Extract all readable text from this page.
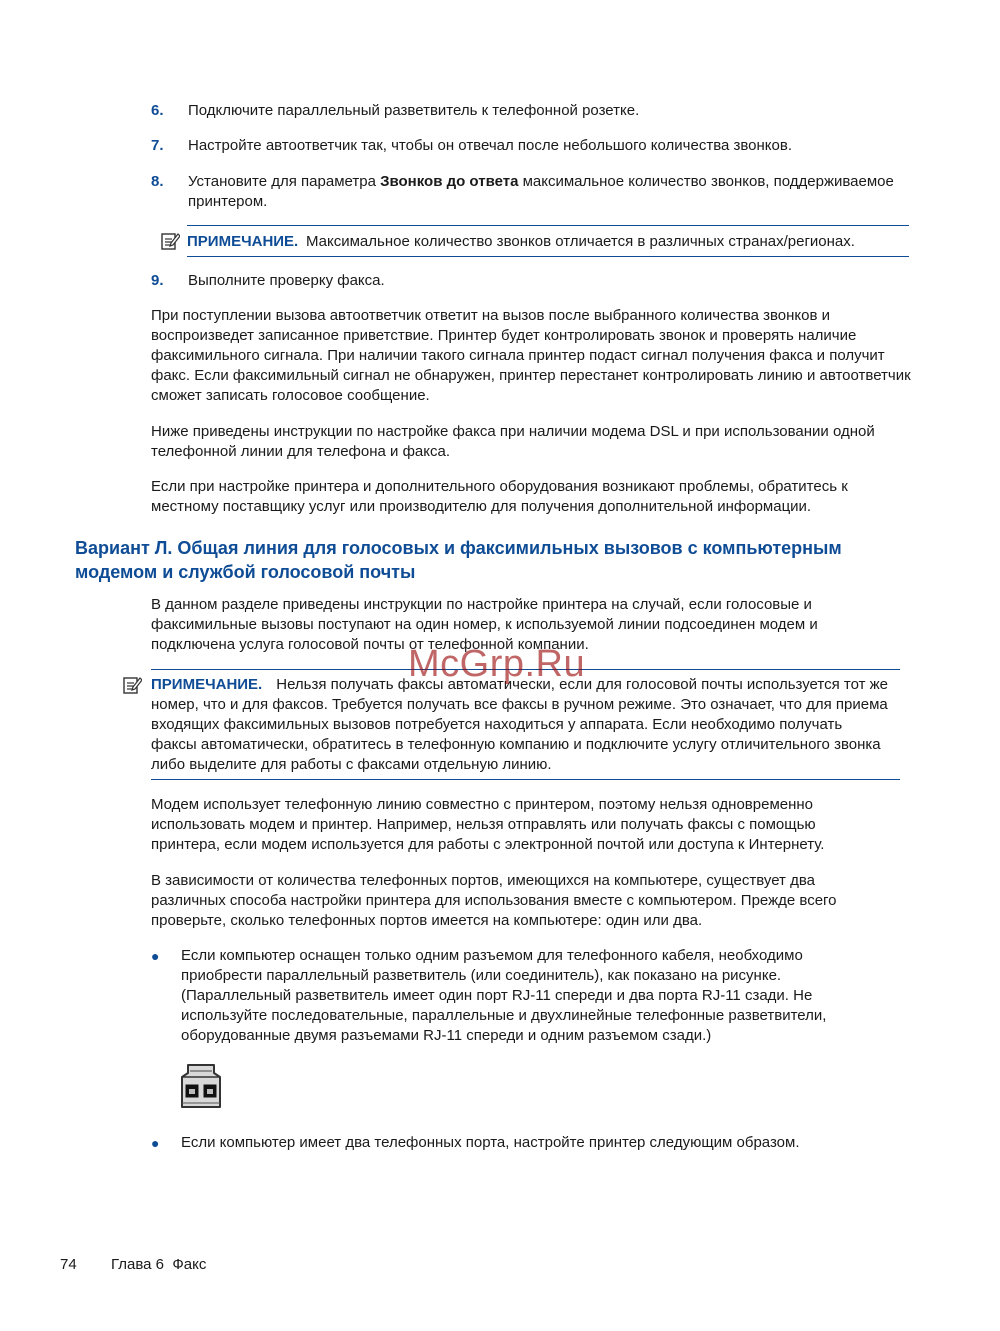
6. Подключите параллельный разветвитель к телефонной розетке.
7. Настройте автоответчик так, чтобы он отвечал после небольшого количества звонков.
8. Установите для параметра Звонков до ответа максимальное количество звонков, поддерживаемое принтером.
ПРИМЕЧАНИЕ. Максимальное количество звонков отличается в различных странах/регионах.
9. Выполните проверку факса.

При поступлении вызова автоответчик ответит на вызов после выбранного количества звонков и воспроизведет записанное приветствие. Принтер будет контролировать звонок и проверять наличие факсимильного сигнала. При наличии такого сигнала принтер подаст сигнал получения факса и получит факс. Если факсимильный сигнал не обнаружен, принтер перестанет контролировать линию и автоответчик сможет записать голосовое сообщение.

Ниже приведены инструкции по настройке факса при наличии модема DSL и при использовании одной телефонной линии для телефона и факса.

Если при настройке принтера и дополнительного оборудования возникают проблемы, обратитесь к местному поставщику услуг или производителю для получения дополнительной информации.

Вариант Л. Общая линия для голосовых и факсимильных вызовов с компьютерным модемом и службой голосовой почты

В данном разделе приведены инструкции по настройке принтера на случай, если голосовые и факсимильные вызовы поступают на один номер, к используемой линии подсоединен модем и подключена услуга голосовой почты от телефонной компании.

ПРИМЕЧАНИЕ. Нельзя получать факсы автоматически, если для голосовой почты используется тот же номер, что и для факсов. Требуется получать все факсы в ручном режиме. Это означает, что для приема входящих факсимильных вызовов потребуется находиться у аппарата. Если необходимо получать факсы автоматически, обратитесь в телефонную компанию и подключите услугу отличительного звонка либо выделите для работы с факсами отдельную линию.

Модем использует телефонную линию совместно с принтером, поэтому нельзя одновременно использовать модем и принтер. Например, нельзя отправлять или получать факсы с помощью принтера, если модем используется для работы с электронной почтой или доступа к Интернету.

В зависимости от количества телефонных портов, имеющихся на компьютере, существует два различных способа настройки принтера для использования вместе с компьютером. Прежде всего проверьте, сколько телефонных портов имеется на компьютере: один или два.

● Если компьютер оснащен только одним разъемом для телефонного кабеля, необходимо приобрести параллельный разветвитель (или соединитель), как показано на рисунке. (Параллельный разветвитель имеет один порт RJ-11 спереди и два порта RJ-11 сзади. Не используйте последовательные, параллельные и двухлинейные телефонные разветвители, оборудованные двумя разъемами RJ-11 спереди и одним разъемом сзади.)
● Если компьютер имеет два телефонных порта, настройте принтер следующим образом.
McGrp.Ru
74 Глава 6  Факс
